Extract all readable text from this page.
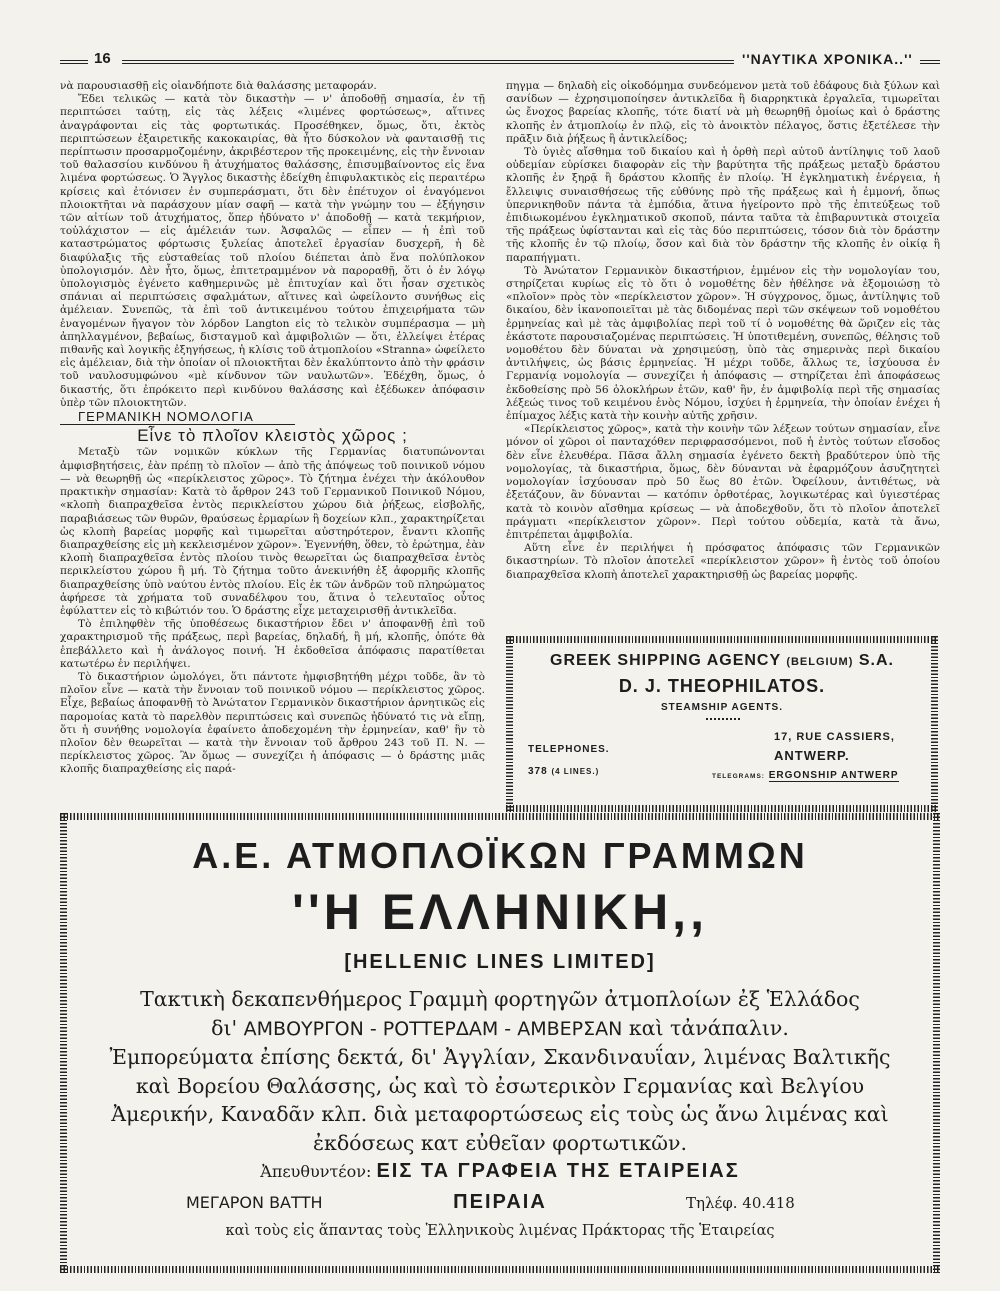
16	''ΝΑΥΤΙΚΑ ΧΡΟΝΙΚΑ..''

νὰ παρουσιασθῇ εἰς οἱανδήποτε διὰ θαλάσσης μεταφοράν.

Ἔδει τελικῶς — κατὰ τὸν δικαστὴν — ν' ἀποδοθῇ σημασία, ἐν τῇ περιπτώσει ταύτῃ, εἰς τὰς λέξεις «λιμένες φορτώσεως», αἵτινες ἀναγράφονται εἰς τὰς φορτωτικάς. Προσέθηκεν, ὅμως, ὅτι, ἐκτὸς περιπτώσεων ἐξαιρετικῆς κακοκαιρίας, θὰ ἦτο δύσκολον νὰ φανταισθῇ τις περίπτωσιν προσαρμοζομένην, ἀκριβέστερον τῆς προκειμένης, εἰς τὴν ἔννοιαν τοῦ θαλασσίου κινδύνου ἢ ἀτυχήματος θαλάσσης, ἐπισυμβαίνοντος εἰς ἕνα λιμένα φορτώσεως. Ὁ Ἄγγλος δικαστὴς ἐδείχθη ἐπιφυλακτικὸς εἰς περαιτέρω κρίσεις καὶ ἐτόνισεν ἐν συμπεράσματι, ὅτι δὲν ἐπέτυχον οἱ ἐναγόμενοι πλοιοκτῆται νὰ παράσχουν μίαν σαφῆ — κατὰ τὴν γνώμην του — ἐξήγησιν τῶν αἰτίων τοῦ ἀτυχήματος, ὅπερ ἠδύνατο ν' ἀποδοθῇ — κατὰ τεκμήριον, τοὐλάχιστον — εἰς ἀμέλειάν των. Ἀσφαλῶς — εἶπεν — ἡ ἐπὶ τοῦ καταστρώματος φόρτωσις ξυλείας ἀποτελεῖ ἐργασίαν δυσχερῆ, ἡ δὲ διαφύλαξις τῆς εὐσταθείας τοῦ πλοίου διέπεται ἀπὸ ἕνα πολύπλοκον ὑπολογισμόν. Δὲν ἦτο, ὅμως, ἐπιτετραμμένον νὰ παροραθῇ, ὅτι ὁ ἐν λόγῳ ὑπολογισμὸς ἐγένετο καθημερινῶς μὲ ἐπιτυχίαν καὶ ὅτι ἦσαν σχετικὸς σπάνιαι αἱ περιπτώσεις σφαλμάτων, αἵτινες καὶ ὠφείλοντο συνήθως εἰς ἀμέλειαν. Συνεπῶς, τὰ ἐπὶ τοῦ ἀντικειμένου τούτου ἐπιχειρήματα τῶν ἐναγομένων ἤγαγον τὸν λόρδον Langton εἰς τὸ τελικὸν συμπέρασμα — μὴ ἀπηλλαγμένον, βεβαίως, δισταγμοῦ καὶ ἀμφιβολιῶν — ὅτι, ἐλλείψει ἑτέρας πιθανῆς καὶ λογικῆς ἐξηγήσεως, ἡ κλίσις τοῦ ἀτμοπλοίου «Stranna» ὠφείλετο εἰς ἀμέλειαν, διὰ τὴν ὁποίαν οἱ πλοιοκτῆται δὲν ἐκαλύπτοντο ἀπὸ τὴν φράσιν τοῦ ναυλοσυμφώνου «μὲ κίνδυνον τῶν ναυλωτῶν». Ἐδέχθη, ὅμως, ὁ δικαστής, ὅτι ἐπρόκειτο περὶ κινδύνου θαλάσσης καὶ ἐξέδωκεν ἀπόφασιν ὑπὲρ τῶν πλοιοκτητῶν.

ΓΕΡΜΑΝΙΚΗ ΝΟΜΟΛΟΓΙΑ

Εἶνε τὸ πλοῖον κλειστὸς χῶρος ;

Μεταξὺ τῶν νομικῶν κύκλων τῆς Γερμανίας διατυπώνονται ἀμφισβητήσεις, ἐὰν πρέπῃ τὸ πλοῖον — ἀπὸ τῆς ἀπόψεως τοῦ ποινικοῦ νόμου — νὰ θεωρηθῇ ὡς «περίκλειστος χῶρος». Τὸ ζήτημα ἐνέχει τὴν ἀκόλουθον πρακτικὴν σημασίαν: Κατὰ τὸ ἄρθρον 243 τοῦ Γερμανικοῦ Ποινικοῦ Νόμου, «κλοπὴ διαπραχθεῖσα ἐντὸς περικλείστου χώρου διὰ ῥήξεως, εἰσβολῆς, παραβιάσεως τῶν θυρῶν, θραύσεως ἐρμαρίων ἢ δοχείων κλπ., χαρακτηρίζεται ὡς κλοπὴ βαρείας μορφῆς καὶ τιμωρεῖται αὐστηρότερον, ἔναντι κλοπῆς διαπραχθείσης εἰς μὴ κεκλεισμένον χῶρον». Ἐγεννήθη, ὅθεν, τὸ ἐρώτημα, ἐὰν κλοπὴ διαπραχθεῖσα ἐντὸς πλοίου τινὸς θεωρεῖται ὡς διαπραχθεῖσα ἐντὸς περικλείστου χώρου ἢ μή. Τὸ ζήτημα τοῦτο ἀνεκινήθη ἐξ ἀφορμῆς κλοπῆς διαπραχθείσης ὑπὸ ναύτου ἐντὸς πλοίου. Εἰς ἐκ τῶν ἀνδρῶν τοῦ πληρώματος ἀφήρεσε τὰ χρήματα τοῦ συναδέλφου του, ἅτινα ὁ τελευταῖος οὗτος ἐφύλαττεν εἰς τὸ κιβώτιόν του. Ὁ δράστης εἶχε μεταχειρισθῇ ἀντικλεῖδα.

Τὸ ἐπιληφθὲν τῆς ὑποθέσεως δικαστήριον ἔδει ν' ἀποφανθῇ ἐπὶ τοῦ χαρακτηρισμοῦ τῆς πράξεως, περὶ βαρείας, δηλαδή, ἢ μή, κλοπῆς, ὁπότε θὰ ἐπεβάλλετο καὶ ἡ ἀνάλογος ποινή. Ἡ ἐκδοθεῖσα ἀπόφασις παρατίθεται κατωτέρω ἐν περιλήψει.

Τὸ δικαστήριον ὡμολόγει, ὅτι πάντοτε ἠμφισβητήθη μέχρι τοῦδε, ἂν τὸ πλοῖον εἶνε — κατὰ τὴν ἔννοιαν τοῦ ποινικοῦ νόμου — περίκλειστος χῶρος. Εἶχε, βεβαίως ἀποφανθῇ τὸ Ἀνώτατον Γερμανικὸν δικαστήριον ἀρνητικῶς εἰς παρομοίας κατὰ τὸ παρελθὸν περιπτώσεις καὶ συνεπῶς ἠδύνατό τις νὰ εἴπῃ, ὅτι ἡ συνήθης νομολογία ἐφαίνετο ἀποδεχομένη τὴν ἑρμηνείαν, καθ' ἣν τὸ πλοῖον δὲν θεωρεῖται — κατὰ τὴν ἔννοιαν τοῦ ἄρθρου 243 τοῦ Π. Ν. — περίκλειστος χῶρος. Ἂν ὅμως — συνεχίζει ἡ ἀπόφασις — ὁ δράστης μιᾶς κλοπῆς διαπραχθείσης εἰς παρά-

πηγμα — δηλαδὴ εἰς οἰκοδόμημα συνδεόμενον μετὰ τοῦ ἐδάφους διὰ ξύλων καὶ σανίδων — ἐχρησιμοποίησεν ἀντικλεῖδα ἢ διαρρηκτικὰ ἐργαλεῖα, τιμωρεῖται ὡς ἔνοχος βαρείας κλοπῆς, τότε διατί νὰ μὴ θεωρηθῇ ὁμοίως καὶ ὁ δράστης κλοπῆς ἐν ἀτμοπλοίῳ ἐν πλῷ, εἰς τὸ ἀνοικτὸν πέλαγος, ὅστις ἐξετέλεσε τὴν πρᾶξιν διὰ ῥήξεως ἢ ἀντικλείδος;

Τὸ ὑγιὲς αἴσθημα τοῦ δικαίου καὶ ἡ ὀρθὴ περὶ αὐτοῦ ἀντίληψις τοῦ λαοῦ οὐδεμίαν εὑρίσκει διαφορὰν εἰς τὴν βαρύτητα τῆς πράξεως μεταξὺ δράστου κλοπῆς ἐν ξηρᾷ ἢ δράστου κλοπῆς ἐν πλοίῳ. Ἡ ἐγκληματικὴ ἐνέργεια, ἡ ἔλλειψις συναισθήσεως τῆς εὐθύνης πρὸ τῆς πράξεως καὶ ἡ ἐμμονή, ὅπως ὑπερνικηθοῦν πάντα τὰ ἐμπόδια, ἅτινα ἠγείροντο πρὸ τῆς ἐπιτεύξεως τοῦ ἐπιδιωκομένου ἐγκληματικοῦ σκοποῦ, πάντα ταῦτα τὰ ἐπιβαρυντικὰ στοιχεῖα τῆς πράξεως ὑφίστανται καὶ εἰς τὰς δύο περιπτώσεις, τόσον διὰ τὸν δράστην τῆς κλοπῆς ἐν τῷ πλοίῳ, ὅσον καὶ διὰ τὸν δράστην τῆς κλοπῆς ἐν οἰκίᾳ ἢ παραπήγματι.

Τὸ Ἀνώτατον Γερμανικὸν δικαστήριον, ἐμμένον εἰς τὴν νομολογίαν του, στηρίζεται κυρίως εἰς τὸ ὅτι ὁ νομοθέτης δὲν ἠθέλησε νὰ ἐξομοιώσῃ τὸ «πλοῖον» πρὸς τὸν «περίκλειστον χῶρον». Ἡ σύγχρονος, ὅμως, ἀντίληψις τοῦ δικαίου, δὲν ἱκανοποιεῖται μὲ τὰς διδομένας περὶ τῶν σκέψεων τοῦ νομοθέτου ἑρμηνείας καὶ μὲ τὰς ἀμφιβολίας περὶ τοῦ τί ὁ νομοθέτης θὰ ὥριζεν εἰς τὰς ἑκάστοτε παρουσιαζομένας περιπτώσεις. Ἡ ὑποτιθεμένη, συνεπῶς, θέλησις τοῦ νομοθέτου δὲν δύναται νὰ χρησιμεύσῃ, ὑπὸ τὰς σημερινὰς περὶ δικαίου ἀντιλήψεις, ὡς βάσις ἑρμηνείας. Ἡ μέχρι τοῦδε, ἄλλως τε, ἰσχύουσα ἐν Γερμανίᾳ νομολογία — συνεχίζει ἡ ἀπόφασις — στηρίζεται ἐπὶ ἀποφάσεως ἐκδοθείσης πρὸ 56 ὁλοκλήρων ἐτῶν, καθ' ἣν, ἐν ἀμφιβολίᾳ περὶ τῆς σημασίας λέξεώς τινος τοῦ κειμένου ἑνὸς Νόμου, ἰσχύει ἡ ἑρμηνεία, τὴν ὁποίαν ἐνέχει ἡ ἐπίμαχος λέξις κατὰ τὴν κοινὴν αὐτῆς χρῆσιν.

«Περίκλειστος χῶρος», κατὰ τὴν κοινὴν τῶν λέξεων τούτων σημασίαν, εἶνε μόνον οἱ χῶροι οἱ πανταχόθεν περιφρασσόμενοι, ποῦ ἡ ἐντὸς τούτων εἴσοδος δὲν εἶνε ἐλευθέρα. Πᾶσα ἄλλη σημασία ἐγένετο δεκτὴ βραδύτερον ὑπὸ τῆς νομολογίας, τὰ δικαστήρια, ὅμως, δὲν δύνανται νὰ ἐφαρμόζουν ἀσυζητητεὶ νομολογίαν ἰσχύουσαν πρὸ 50 ἕως 80 ἐτῶν. Ὀφείλουν, ἀντιθέτως, νὰ ἐξετάζουν, ἂν δύνανται — κατόπιν ὀρθοτέρας, λογικωτέρας καὶ ὑγιεστέρας κατὰ τὸ κοινὸν αἴσθημα κρίσεως — νὰ ἀποδεχθοῦν, ὅτι τὸ πλοῖον ἀποτελεῖ πράγματι «περίκλειστον χῶρον». Περὶ τούτου οὐδεμία, κατὰ τὰ ἄνω, ἐπιτρέπεται ἀμφιβολία.

Αὕτη εἶνε ἐν περιλήψει ἡ πρόσφατος ἀπόφασις τῶν Γερμανικῶν δικαστηρίων. Τὸ πλοῖον ἀποτελεῖ «περίκλειστον χῶρον» ἢ ἐντὸς τοῦ ὁποίου διαπραχθεῖσα κλοπὴ ἀποτελεῖ χαρακτηρισθῇ ὡς βαρείας μορφῆς.

GREEK SHIPPING AGENCY (BELGIUM) S.A.
D. J. THEOPHILATOS.
STEAMSHIP AGENTS.
17, RUE CASSIERS,
ANTWERP.
TELEPHONES.
378 (4 LINES.)
TELEGRAMS: ERGONSHIP ANTWERP
Α.Ε. ΑΤΜΟΠΛΟΪΚΩΝ ΓΡΑΜΜΩΝ
''Η ΕΛΛΗΝΙΚΗ,,
[HELLENIC LINES LIMITED]
Τακτικὴ δεκαπενθήμερος Γραμμὴ φορτηγῶν ἀτμοπλοίων ἐξ Ἑλλάδος
δι' ΑΜΒΟΥΡΓΟΝ - ΡΟΤΤΕΡΔΑΜ - ΑΜΒΕΡΣΑΝ καὶ τἀνάπαλιν.
Ἐμπορεύματα ἐπίσης δεκτά, δι' Ἀγγλίαν, Σκανδιναυΐαν, λιμένας Βαλτικῆς καὶ Βορείου Θαλάσσης, ὡς καὶ τὸ ἐσωτερικὸν Γερμανίας καὶ Βελγίου Ἀμερικήν, Καναδᾶν κλπ. διὰ μεταφορτώσεως εἰς τοὺς ὡς ἄνω λιμένας καὶ ἐκδόσεως κατ εὐθεῖαν φορτωτικῶν.
Ἀπευθυντέον: ΕΙΣ ΤΑ ΓΡΑΦΕΙΑ ΤΗΣ ΕΤΑΙΡΕΙΑΣ
ΜΕΓΑΡΟΝ ΒΑΤΤΗ	ΠΕΙΡΑΙΑ	Τηλέφ. 40.418
καὶ τοὺς εἰς ἅπαντας τοὺς Ἑλληνικοὺς λιμένας Πράκτορας τῆς Ἑταιρείας
